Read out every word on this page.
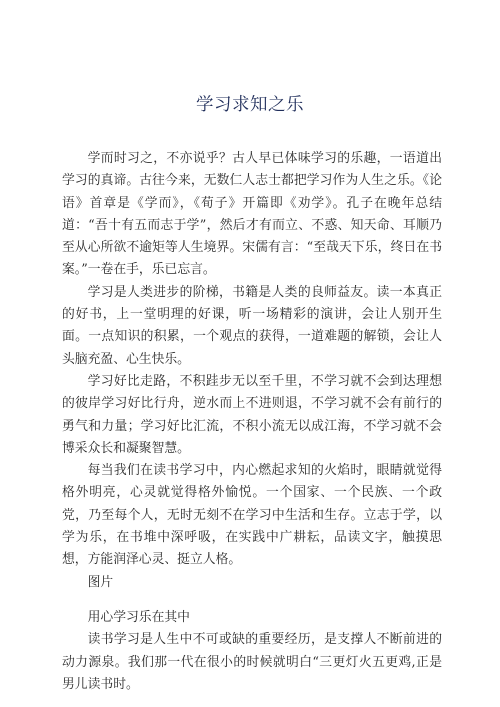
学习求知之乐

学而时习之，不亦说乎？古人早已体味学习的乐趣，一语道出学习的真谛。古往今来，无数仁人志士都把学习作为人生之乐。《论语》首章是《学而》，《荀子》开篇即《劝学》。孔子在晚年总结道：“吾十有五而志于学”，然后才有而立、不惑、知天命、耳顺乃至从心所欲不逾矩等人生境界。宋儒有言：“至哉天下乐，终日在书案。”一卷在手，乐已忘言。

学习是人类进步的阶梯，书籍是人类的良师益友。读一本真正的好书，上一堂明理的好课，听一场精彩的演讲，会让人别开生面。一点知识的积累，一个观点的获得，一道难题的解锁，会让人头脑充盈、心生快乐。

学习好比走路，不积跬步无以至千里，不学习就不会到达理想的彼岸学习好比行舟，逆水而上不进则退，不学习就不会有前行的勇气和力量；学习好比汇流，不积小流无以成江海，不学习就不会博采众长和凝聚智慧。

每当我们在读书学习中，内心燃起求知的火焰时，眼睛就觉得格外明亮，心灵就觉得格外愉悦。一个国家、一个民族、一个政党，乃至每个人，无时无刻不在学习中生活和生存。立志于学，以学为乐，在书堆中深呼吸，在实践中广耕耘，品读文字，触摸思想，方能润泽心灵、挺立人格。

图片

用心学习乐在其中

读书学习是人生中不可或缺的重要经历，是支撑人不断前进的动力源泉。我们那一代在很小的时候就明白“三更灯火五更鸡,正是男儿读书时。
